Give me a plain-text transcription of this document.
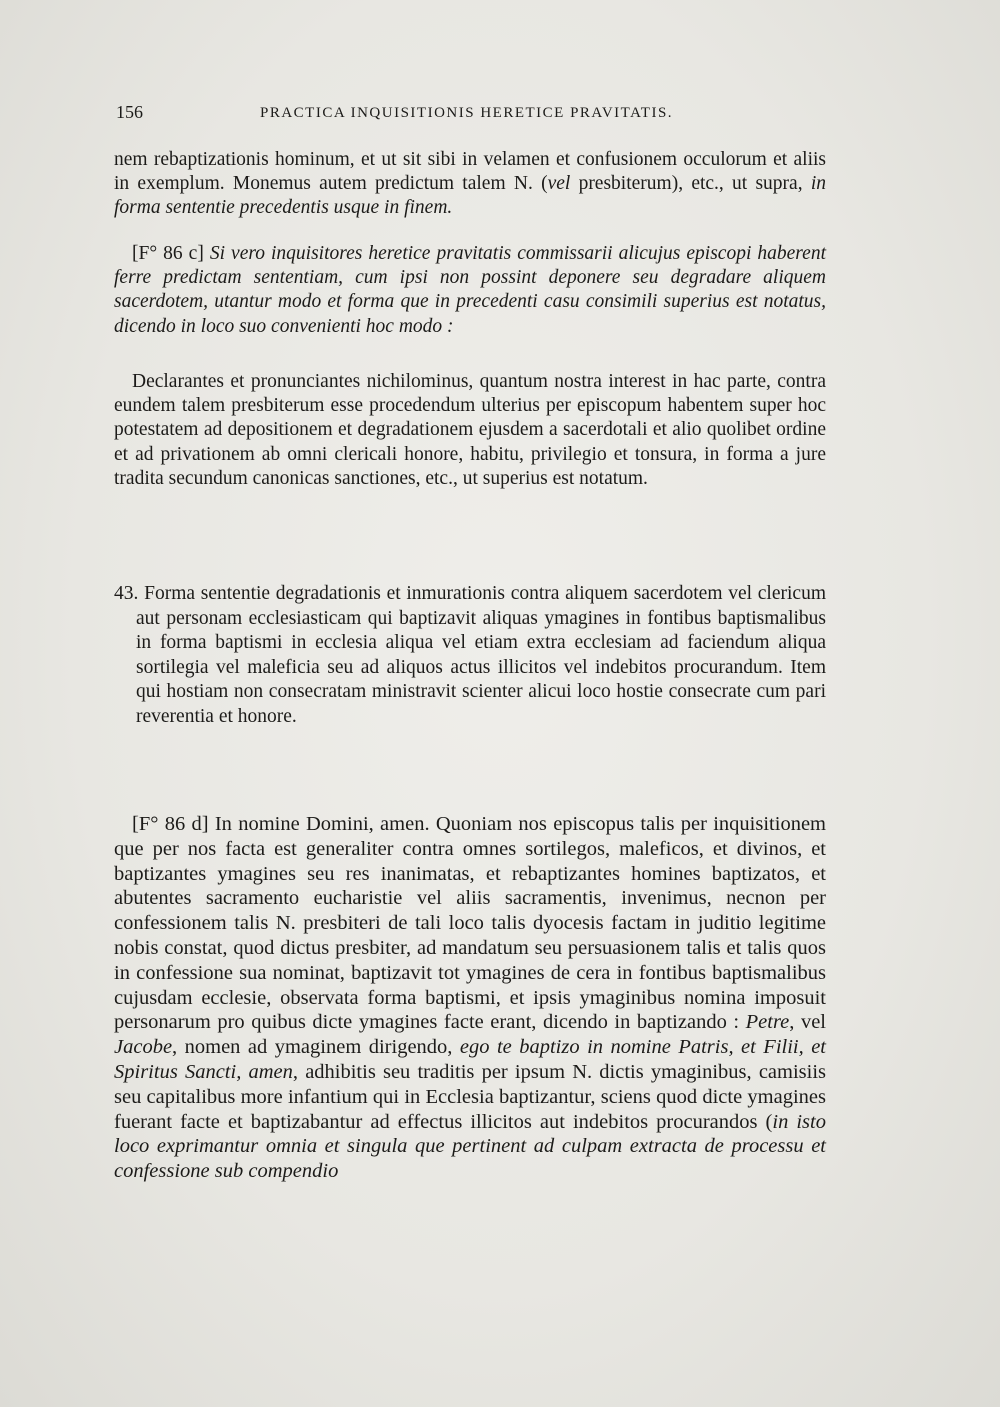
156	PRACTICA INQUISITIONIS HERETICE PRAVITATIS.

nem rebaptizationis hominum, et ut sit sibi in velamen et confusionem occulorum et aliis in exemplum. Monemus autem predictum talem N. (vel presbiterum), etc., ut supra, in forma sententie precedentis usque in finem.

[F° 86 c] Si vero inquisitores heretice pravitatis commissarii alicujus episcopi haberent ferre predictam sententiam, cum ipsi non possint deponere seu degradare aliquem sacerdotem, utantur modo et forma que in precedenti casu consimili superius est notatus, dicendo in loco suo convenienti hoc modo :

Declarantes et pronunciantes nichilominus, quantum nostra interest in hac parte, contra eundem talem presbiterum esse procedendum ulterius per episcopum habentem super hoc potestatem ad depositionem et degradationem ejusdem a sacerdotali et alio quolibet ordine et ad privationem ab omni clericali honore, habitu, privilegio et tonsura, in forma a jure tradita secundum canonicas sanctiones, etc., ut superius est notatum.

43. Forma sententie degradationis et inmurationis contra aliquem sacerdotem vel clericum aut personam ecclesiasticam qui baptizavit aliquas ymagines in fontibus baptismalibus in forma baptismi in ecclesia aliqua vel etiam extra ecclesiam ad faciendum aliqua sortilegia vel maleficia seu ad aliquos actus illicitos vel indebitos procurandum. Item qui hostiam non consecratam ministravit scienter alicui loco hostie consecrate cum pari reverentia et honore.

[F° 86 d] In nomine Domini, amen. Quoniam nos episcopus talis per inquisitionem que per nos facta est generaliter contra omnes sortilegos, maleficos, et divinos, et baptizantes ymagines seu res inanimatas, et rebaptizantes homines baptizatos, et abutentes sacramento eucharistie vel aliis sacramentis, invenimus, necnon per confessionem talis N. presbiteri de tali loco talis dyocesis factam in juditio legitime nobis constat, quod dictus presbiter, ad mandatum seu persuasionem talis et talis quos in confessione sua nominat, baptizavit tot ymagines de cera in fontibus baptismalibus cujusdam ecclesie, observata forma baptismi, et ipsis ymaginibus nomina imposuit personarum pro quibus dicte ymagines facte erant, dicendo in baptizando : Petre, vel Jacobe, nomen ad ymaginem dirigendo, ego te baptizo in nomine Patris, et Filii, et Spiritus Sancti, amen, adhibitis seu traditis per ipsum N. dictis ymaginibus, camisiis seu capitalibus more infantium qui in Ecclesia baptizantur, sciens quod dicte ymagines fuerant facte et baptizabantur ad effectus illicitos aut indebitos procurandos (in isto loco exprimantur omnia et singula que pertinent ad culpam extracta de processu et confessione sub compendio
